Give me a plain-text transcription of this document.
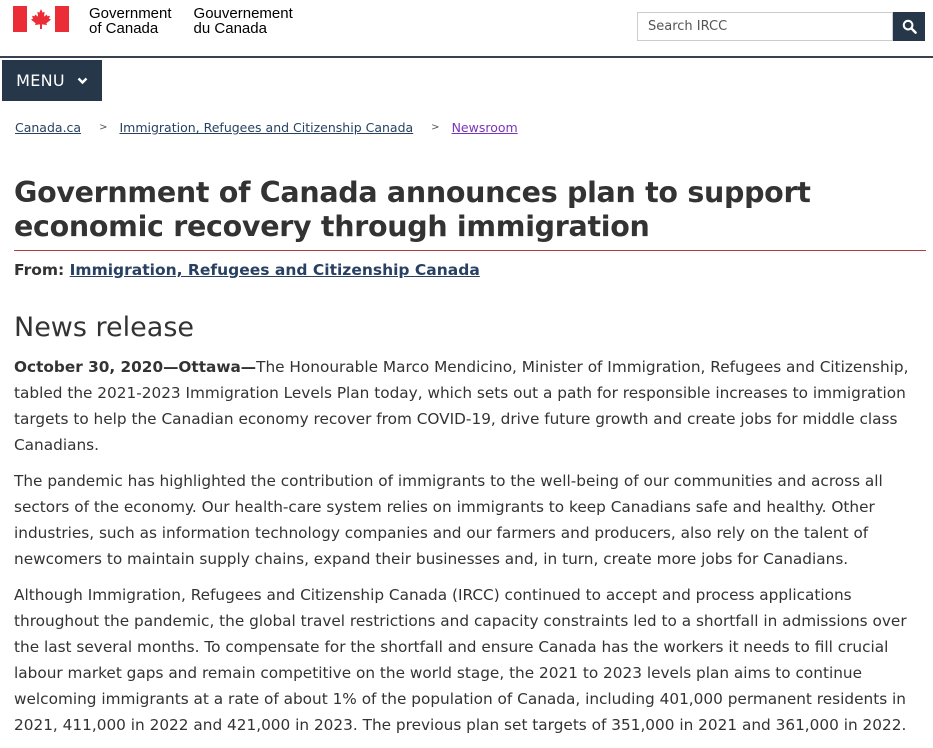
Government
of Canada
Gouvernement
du Canada
Search IRCC
MENU
Canada.ca > Immigration, Refugees and Citizenship Canada > Newsroom
Government of Canada announces plan to support economic recovery through immigration
From: Immigration, Refugees and Citizenship Canada
News release

October 30, 2020—Ottawa—The Honourable Marco Mendicino, Minister of Immigration, Refugees and Citizenship, tabled the 2021-2023 Immigration Levels Plan today, which sets out a path for responsible increases to immigration targets to help the Canadian economy recover from COVID-19, drive future growth and create jobs for middle class Canadians.

The pandemic has highlighted the contribution of immigrants to the well-being of our communities and across all sectors of the economy. Our health-care system relies on immigrants to keep Canadians safe and healthy. Other industries, such as information technology companies and our farmers and producers, also rely on the talent of newcomers to maintain supply chains, expand their businesses and, in turn, create more jobs for Canadians.

Although Immigration, Refugees and Citizenship Canada (IRCC) continued to accept and process applications throughout the pandemic, the global travel restrictions and capacity constraints led to a shortfall in admissions over the last several months. To compensate for the shortfall and ensure Canada has the workers it needs to fill crucial labour market gaps and remain competitive on the world stage, the 2021 to 2023 levels plan aims to continue welcoming immigrants at a rate of about 1% of the population of Canada, including 401,000 permanent residents in 2021, 411,000 in 2022 and 421,000 in 2023. The previous plan set targets of 351,000 in 2021 and 361,000 in 2022.
